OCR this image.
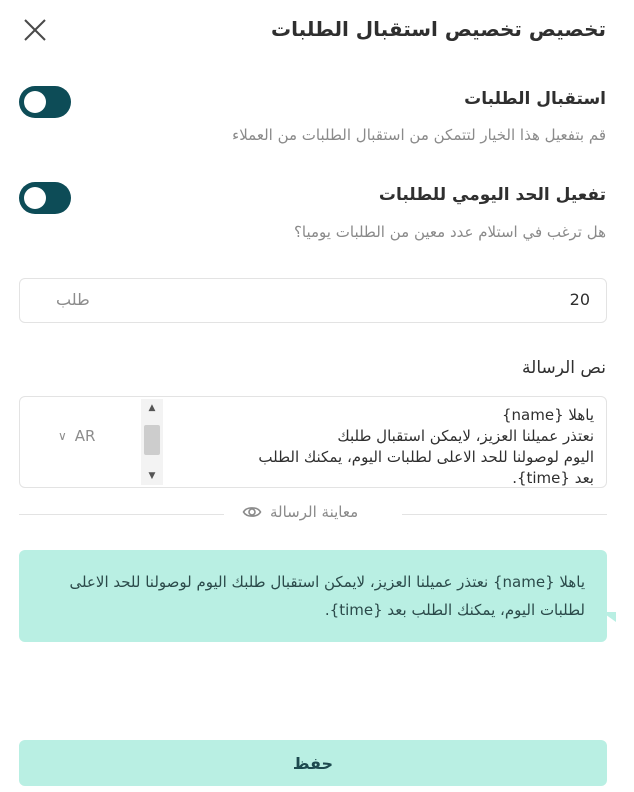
تخصيص تخصيص استقبال الطلبات
استقبال الطلبات
قم بتفعيل هذا الخيار لتتمكن من استقبال الطلبات من العملاء
تفعيل الحد اليومي للطلبات
هل ترغب في استلام عدد معين من الطلبات يوميا؟
20
طلب
نص الرسالة
∨ AR
▲
▼
ياهلا {name}
نعتذر عميلنا العزيز، لايمكن استقبال طلبك
اليوم لوصولنا للحد الاعلى لطلبات اليوم، يمكنك الطلب
بعد {time}.
معاينة الرسالة
ياهلا {name} نعتذر عميلنا العزيز، لايمكن استقبال طلبك اليوم لوصولنا للحد الاعلى لطلبات اليوم، يمكنك الطلب بعد {time}.
حفظ
